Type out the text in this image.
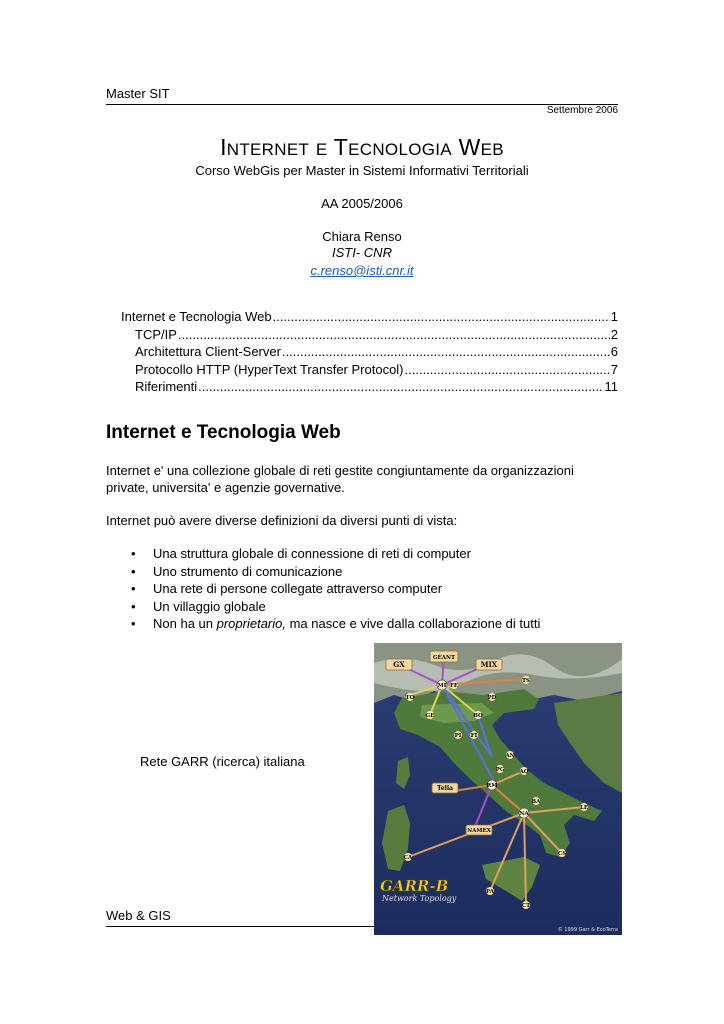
Master SIT
Settembre 2006
INTERNET E TECNOLOGIA WEB
Corso WebGis per Master in Sistemi Informativi Territoriali
AA 2005/2006
Chiara Renso
ISTI- CNR
c.renso@isti.cnr.it
Internet e Tecnologia Web .....	1
TCP/IP .....	2
Architettura Client-Server .....	6
Protocollo HTTP (HyperText Transfer Protocol) .....	7
Riferimenti .....	11
Internet e Tecnologia Web
Internet e' una collezione globale di reti gestite congiuntamente da organizzazioni private, universita' e agenzie governative.
Internet può avere diverse definizioni da diversi punti di vista:
• Una struttura globale di connessione di reti di computer
• Uno strumento di comunicazione
• Una rete di persone collegate attraverso computer
• Un villaggio globale
• Non ha un proprietario, ma nasce e vive dalla collaborazione di tutti
Rete GARR (ricerca) italiana
GÉANT
GX	MIX
MI
TS
BO
PD
TO
GE
PI FI
Telia	RM
AQ
NA
BA
NAMEX
CA
PA
CT
CS
LE
PG
AN
FE
GARR-B
Network Topology
© 1999 Garr & EcoTerra
Web & GIS
